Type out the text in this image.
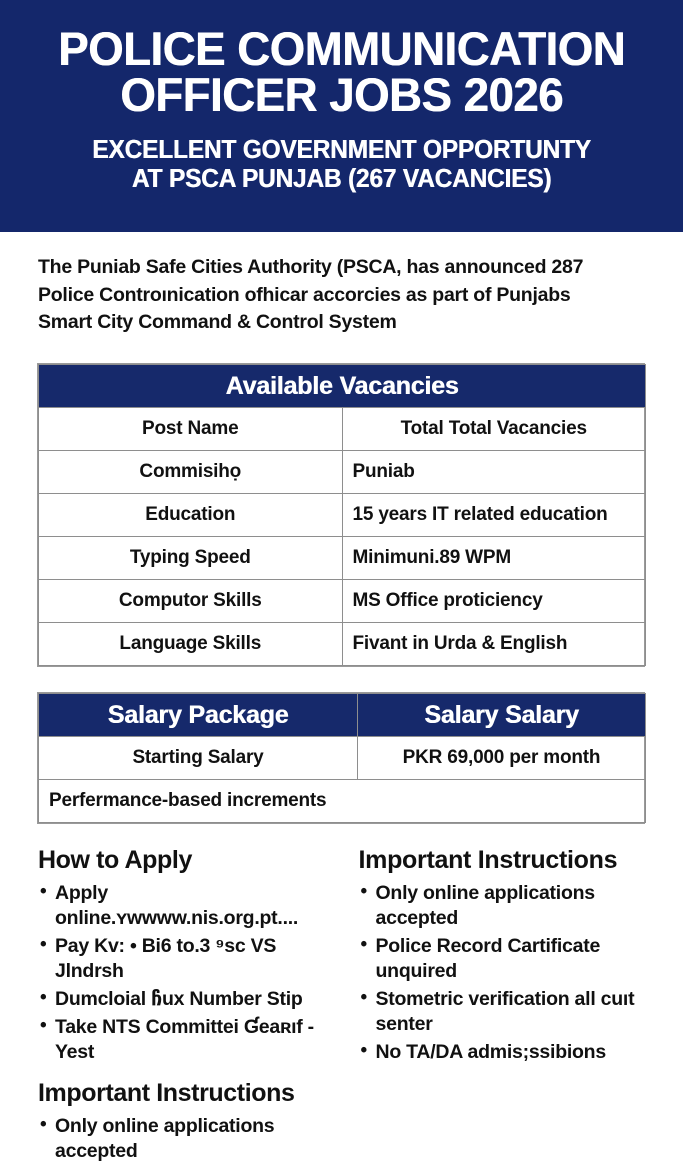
POLICE COMMUNICATION
OFFICER JOBS 2026
EXCELLENT GOVERNMENT OPPORTUNTY
AT PSCA PUNJAB (267 VACANCIES)
The Puniab Safe Cities Authority (PSCA, has announced 287
Police Controınication ofhicar accorcies as part of Punjabs
Smart City Command & Control System
Available Vacancies	
Post Name	Total Total Vacancies
Commisihọ	Puniab
Education	15 years IT related education
Typing Speed	Minimuni.89 WPM
Computor Skills	MS Office proticiency
Language Skills	Fivant in Urda & English
Salary Package	Salary Salary
Starting Salary	PKR 69,000 per month
Perfermance-based increments	
How to Apply
• Apply online.ʏwwww.nis.org.pt....
• Pay Kv: • Bi6 to.3 ⁹sc VS Jlndrsh
• Dumcloial ჩux Number Stip
• Take NTS Committei Ɠeaʀıf -Yest
Important Instructions
• Only online applications accepted
Important Instructions
• Only online applications accepted
• Police Record Cartificate unquired
• Stometric verification all cuıt senter
• No TA/DA admis;ssibions
